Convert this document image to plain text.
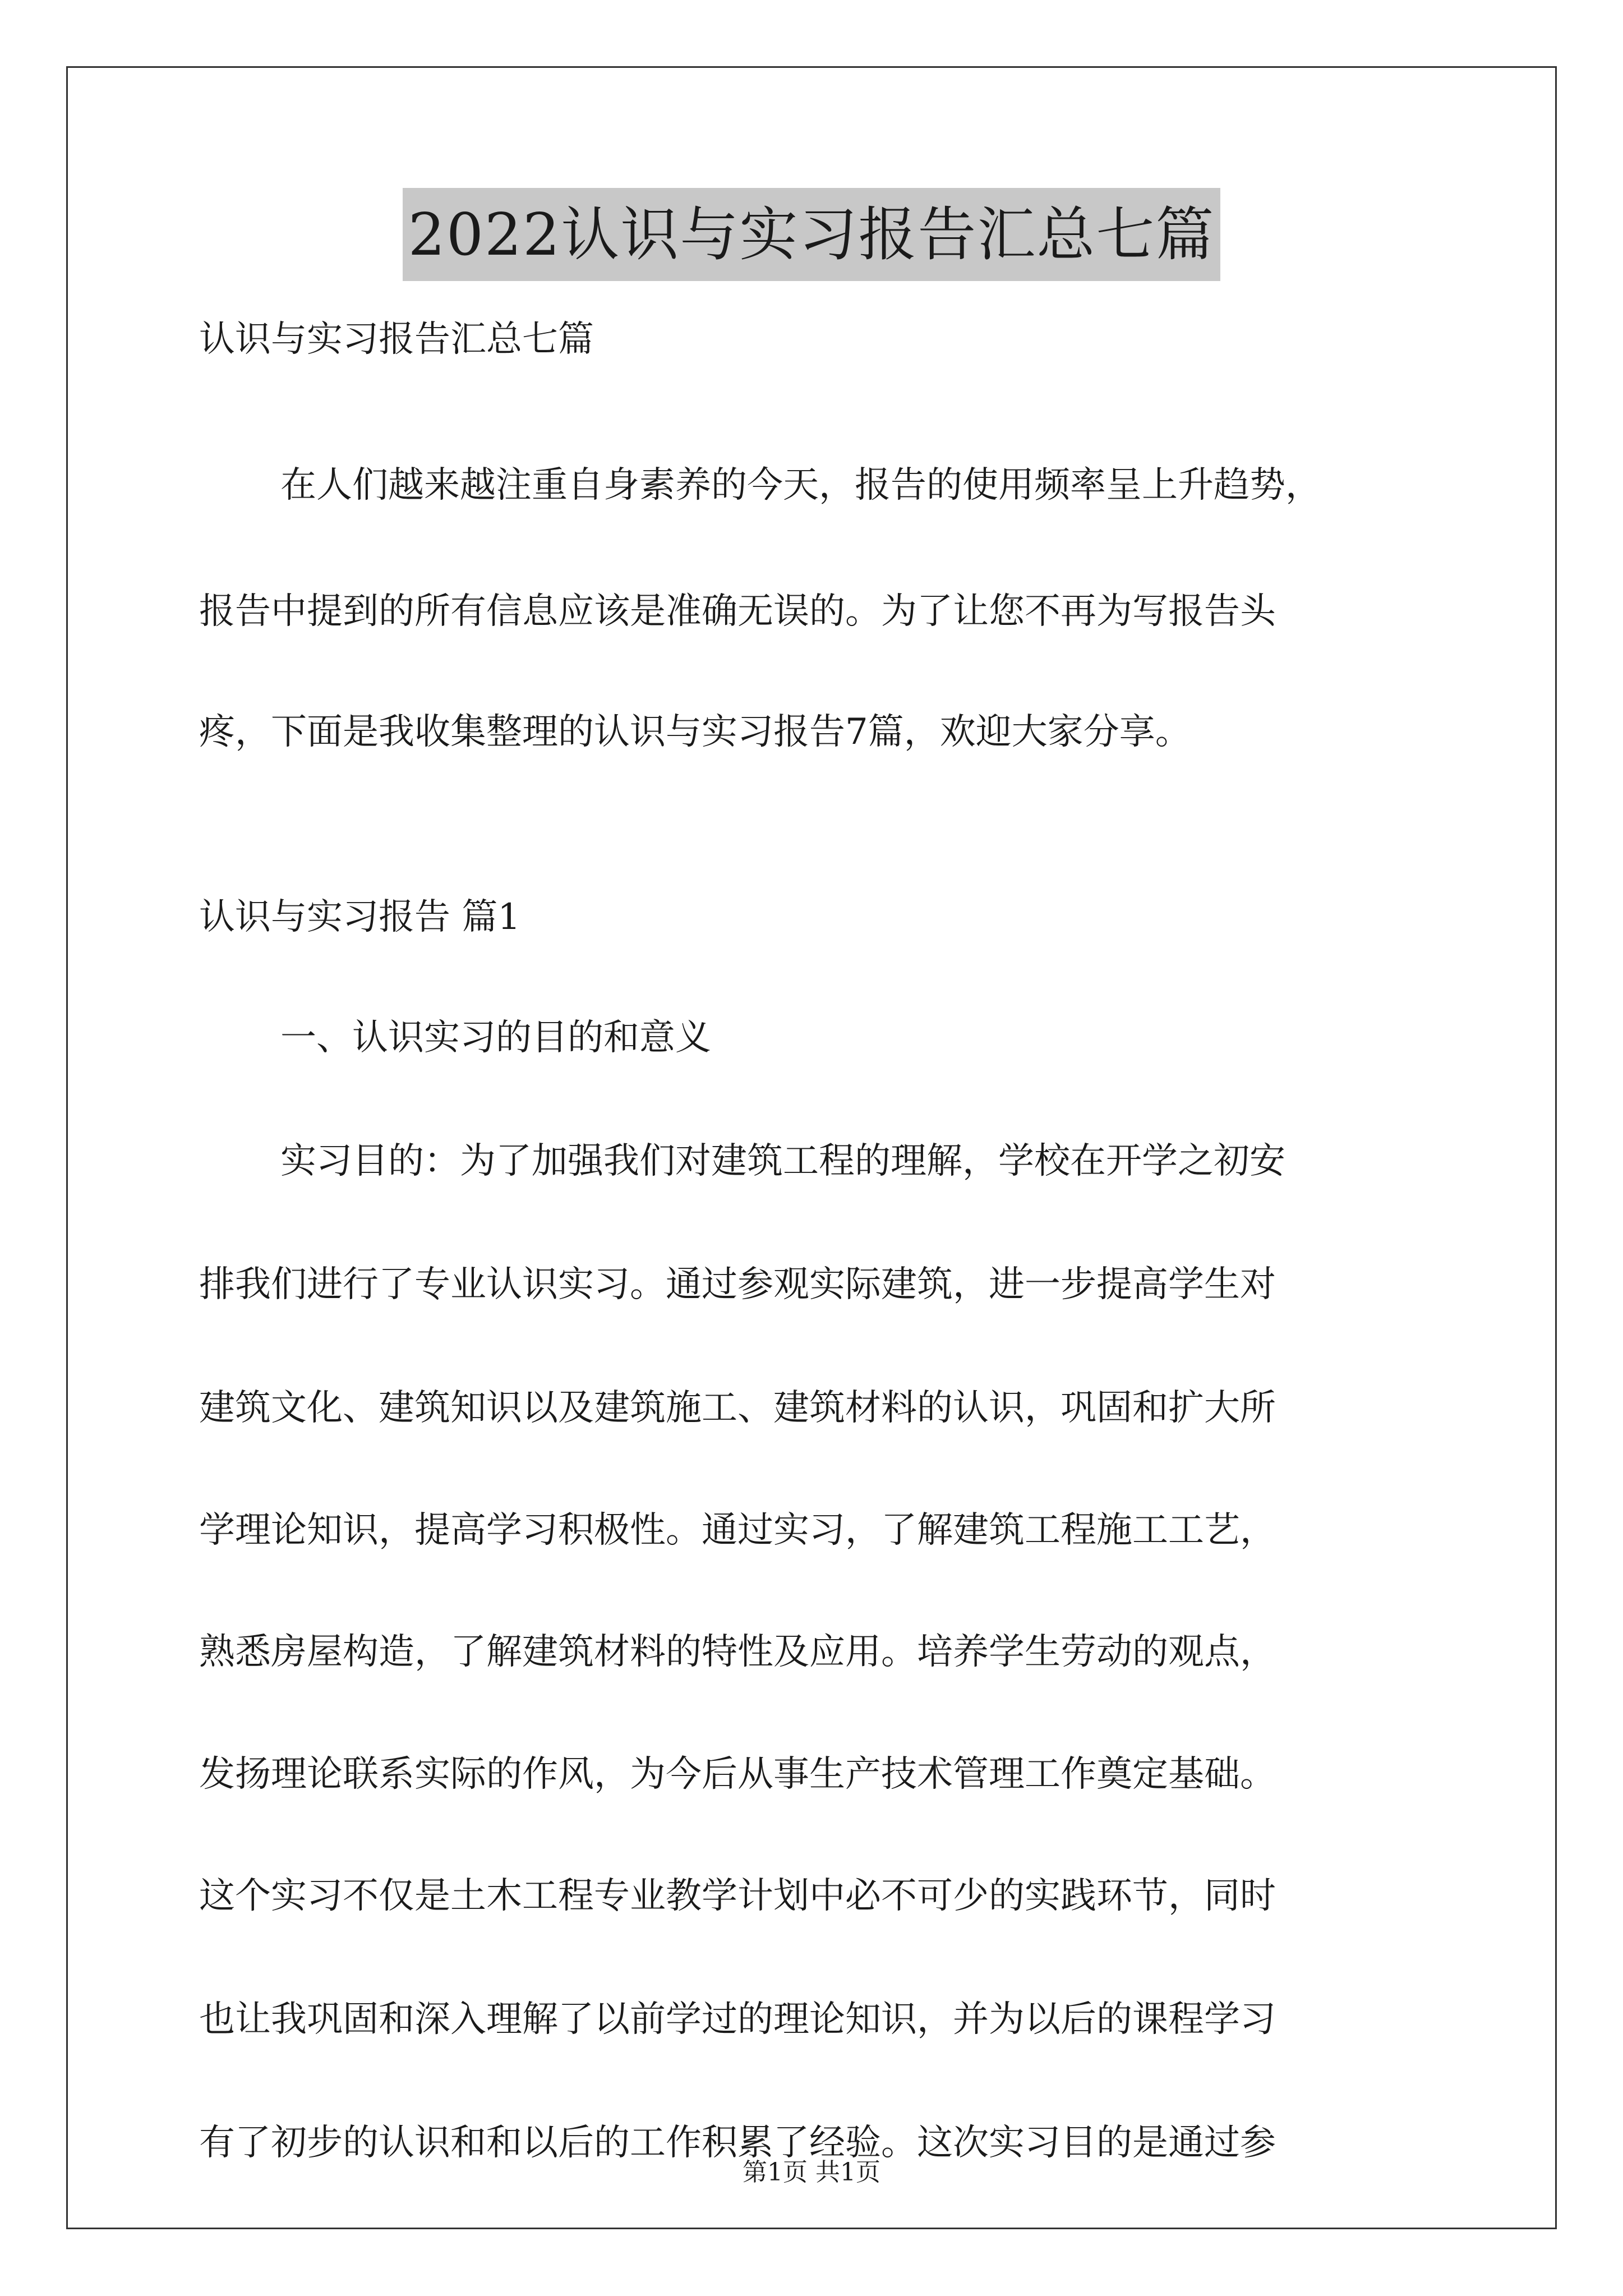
2022认识与实习报告汇总七篇
认识与实习报告汇总七篇
在人们越来越注重自身素养的今天，报告的使用频率呈上升趋势，
报告中提到的所有信息应该是准确无误的。为了让您不再为写报告头
疼，下面是我收集整理的认识与实习报告7篇，欢迎大家分享。
认识与实习报告 篇1
一、认识实习的目的和意义
实习目的：为了加强我们对建筑工程的理解，学校在开学之初安
排我们进行了专业认识实习。通过参观实际建筑，进一步提高学生对
建筑文化、建筑知识以及建筑施工、建筑材料的认识，巩固和扩大所
学理论知识，提高学习积极性。通过实习，了解建筑工程施工工艺，
熟悉房屋构造，了解建筑材料的特性及应用。培养学生劳动的观点，
发扬理论联系实际的作风，为今后从事生产技术管理工作奠定基础。
这个实习不仅是土木工程专业教学计划中必不可少的实践环节，同时
也让我巩固和深入理解了以前学过的理论知识，并为以后的课程学习
有了初步的认识和和以后的工作积累了经验。这次实习目的是通过参
第1页 共1页
